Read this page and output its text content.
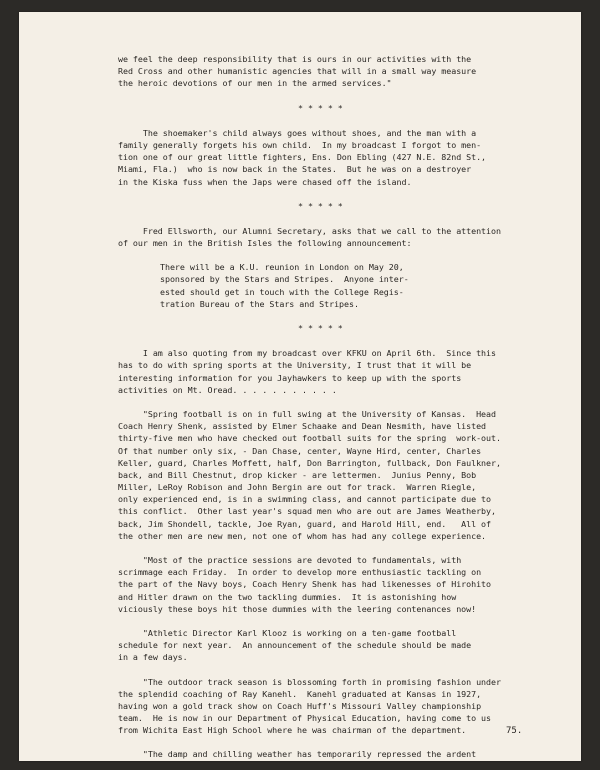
we feel the deep responsibility that is ours in our activities with the
Red Cross and other humanistic agencies that will in a small way measure
the heroic devotions of our men in the armed services."
* * * * *
The shoemaker's child always goes without shoes, and the man with a
family generally forgets his own child.  In my broadcast I forgot to men-
tion one of our great little fighters, Ens. Don Ebling (427 N.E. 82nd St.,
Miami, Fla.)  who is now back in the States.  But he was on a destroyer
in the Kiska fuss when the Japs were chased off the island.
* * * * *
Fred Ellsworth, our Alumni Secretary, asks that we call to the attention
of our men in the British Isles the following announcement:
There will be a K.U. reunion in London on May 20,
sponsored by the Stars and Stripes.  Anyone inter-
ested should get in touch with the College Regis-
tration Bureau of the Stars and Stripes.
* * * * *
I am also quoting from my broadcast over KFKU on April 6th.  Since this
has to do with spring sports at the University, I trust that it will be
interesting information for you Jayhawkers to keep up with the sports
activities on Mt. Oread. . . . . . . . . . .
"Spring football is on in full swing at the University of Kansas.  Head
Coach Henry Shenk, assisted by Elmer Schaake and Dean Nesmith, have listed
thirty-five men who have checked out football suits for the spring  work-out.
Of that number only six, - Dan Chase, center, Wayne Hird, center, Charles
Keller, guard, Charles Moffett, half, Don Barrington, fullback, Don Faulkner,
back, and Bill Chestnut, drop kicker - are lettermen.  Junius Penny, Bob
Miller, LeRoy Robison and John Bergin are out for track.  Warren Riegle,
only experienced end, is in a swimming class, and cannot participate due to
this conflict.  Other last year's squad men who are out are James Weatherby,
back, Jim Shondell, tackle, Joe Ryan, guard, and Harold Hill, end.   All of
the other men are new men, not one of whom has had any college experience.
"Most of the practice sessions are devoted to fundamentals, with
scrimmage each Friday.  In order to develop more enthusiastic tackling on
the part of the Navy boys, Coach Henry Shenk has had likenesses of Hirohito
and Hitler drawn on the two tackling dummies.  It is astonishing how
viciously these boys hit those dummies with the leering contenances now!
"Athletic Director Karl Klooz is working on a ten-game football
schedule for next year.  An announcement of the schedule should be made
in a few days.
"The outdoor track season is blossoming forth in promising fashion under
the splendid coaching of Ray Kanehl.  Kanehl graduated at Kansas in 1927,
having won a gold track show on Coach Huff's Missouri Valley championship
team.  He is now in our Department of Physical Education, having come to us
from Wichita East High School where he was chairman of the department.
"The damp and chilling weather has temporarily repressed the ardent
75.
